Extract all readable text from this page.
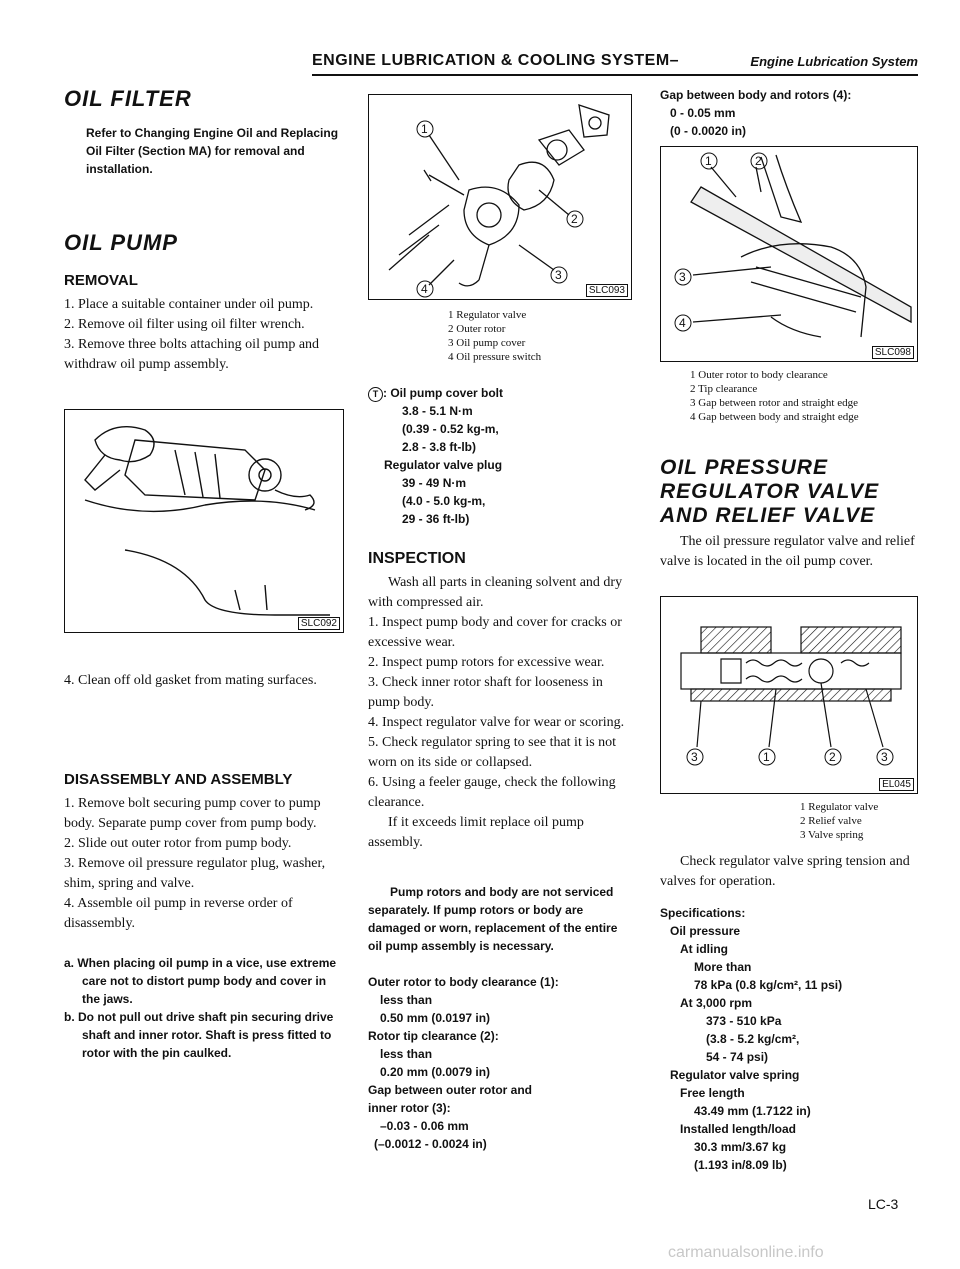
ENGINE LUBRICATION & COOLING SYSTEM–	Engine Lubrication System
OIL FILTER
Refer to Changing Engine Oil and Replacing Oil Filter (Section MA) for removal and installation.
OIL PUMP
REMOVAL

1. Place a suitable container under oil pump.

2. Remove oil filter using oil filter wrench.

3. Remove three bolts attaching oil pump and withdraw oil pump assembly.

SLC092

4. Clean off old gasket from mating surfaces.

DISASSEMBLY AND ASSEMBLY

1. Remove bolt securing pump cover to pump body. Separate pump cover from pump body.

2. Slide out outer rotor from pump body.

3. Remove oil pressure regulator plug, washer, shim, spring and valve.

4. Assemble oil pump in reverse order of disassembly.

a. When placing oil pump in a vice, use extreme care not to distort pump body and cover in the jaws.
b. Do not pull out drive shaft pin securing drive shaft and inner rotor. Shaft is press fitted to rotor with the pin caulked.
1
2
3
4	SLC093
1 Regulator valve
2 Outer rotor
3 Oil pump cover
4 Oil pressure switch
T : Oil pump cover bolt
3.8 - 5.1 N·m
(0.39 - 0.52 kg-m,
2.8 - 3.8 ft-lb)
Regulator valve plug
39 - 49 N·m
(4.0 - 5.0 kg-m,
29 - 36 ft-lb)
INSPECTION

Wash all parts in cleaning solvent and dry with compressed air.

1. Inspect pump body and cover for cracks or excessive wear.

2. Inspect pump rotors for excessive wear.

3. Check inner rotor shaft for looseness in pump body.

4. Inspect regulator valve for wear or scoring.

5. Check regulator spring to see that it is not worn on its side or collapsed.

6. Using a feeler gauge, check the following clearance.

If it exceeds limit replace oil pump assembly.

Pump rotors and body are not serviced separately. If pump rotors or body are damaged or worn, replacement of the entire oil pump assembly is necessary.
Outer rotor to body clearance (1):
less than
0.50 mm (0.0197 in)
Rotor tip clearance (2):
less than
0.20 mm (0.0079 in)
Gap between outer rotor and
inner rotor (3):
–0.03 - 0.06 mm
(–0.0012 - 0.0024 in)
Gap between body and rotors (4):
0 - 0.05 mm
(0 - 0.0020 in)
1	2
3
4
SLC098
1 Outer rotor to body clearance
2 Tip clearance
3 Gap between rotor and straight edge
4 Gap between body and straight edge
OIL PRESSURE
REGULATOR VALVE
AND RELIEF VALVE

The oil pressure regulator valve and relief valve is located in the oil pump cover.

3	1	2	3
EL045
1 Regulator valve
2 Relief valve
3 Valve spring

Check regulator valve spring tension and valves for operation.

Specifications:
Oil pressure
At idling
More than
78 kPa (0.8 kg/cm², 11 psi)
At 3,000 rpm
373 - 510 kPa
(3.8 - 5.2 kg/cm²,
54 - 74 psi)
Regulator valve spring
Free length
43.49 mm (1.7122 in)
Installed length/load
30.3 mm/3.67 kg
(1.193 in/8.09 lb)
LC-3
carmanualsonline.info
